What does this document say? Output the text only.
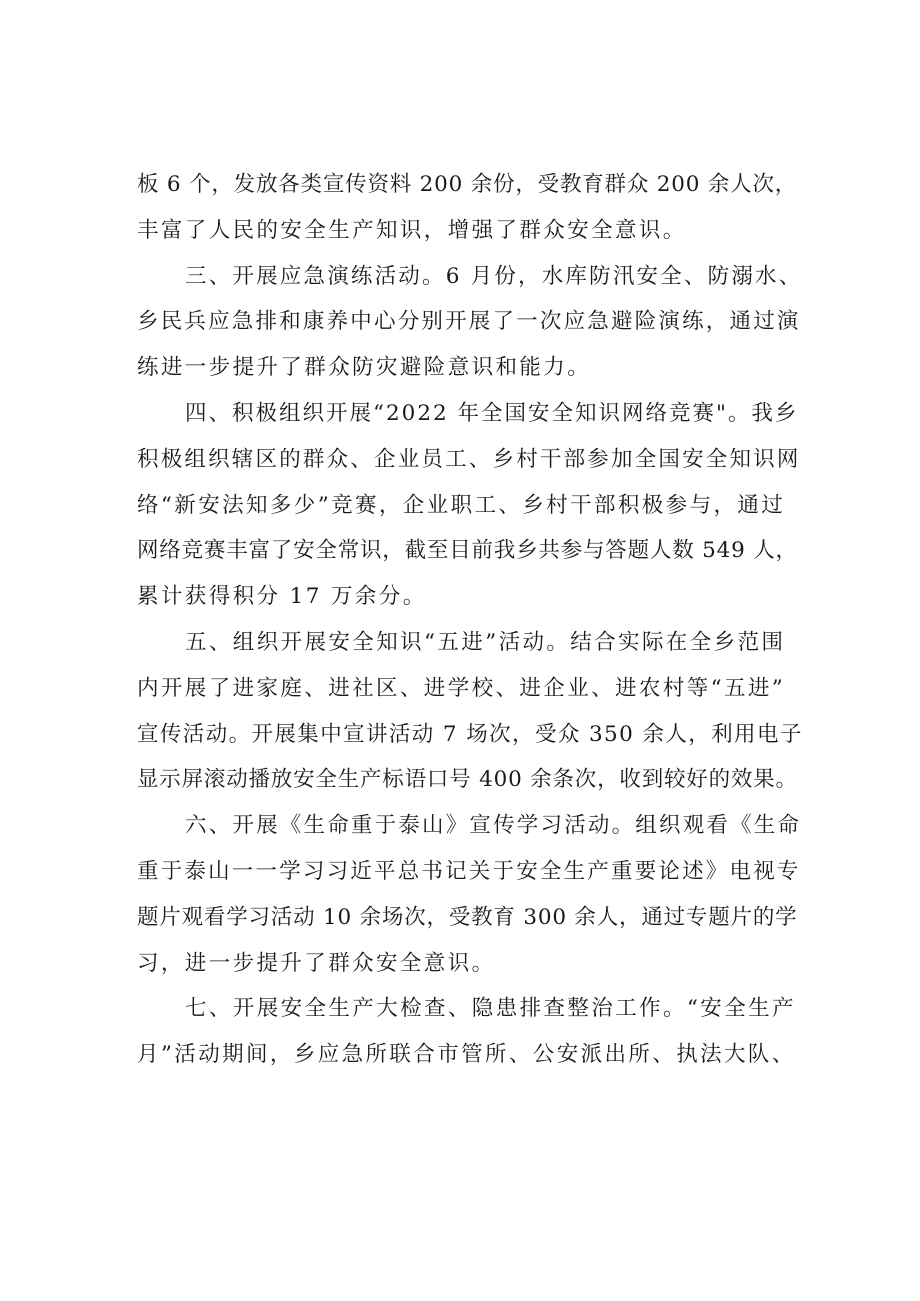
板 6 个，发放各类宣传资料 200 余份，受教育群众 200 余人次，
丰富了人民的安全生产知识，增强了群众安全意识。
三、开展应急演练活动。6 月份，水库防汛安全、防溺水、
乡民兵应急排和康养中心分别开展了一次应急避险演练，通过演
练进一步提升了群众防灾避险意识和能力。
四、积极组织开展“2022 年全国安全知识网络竞赛"。我乡
积极组织辖区的群众、企业员工、乡村干部参加全国安全知识网
络“新安法知多少”竞赛，企业职工、乡村干部积极参与，通过
网络竞赛丰富了安全常识，截至目前我乡共参与答题人数 549 人，
累计获得积分 17 万余分。
五、组织开展安全知识“五进”活动。结合实际在全乡范围
内开展了进家庭、进社区、进学校、进企业、进农村等“五进”
宣传活动。开展集中宣讲活动 7 场次，受众 350 余人，利用电子
显示屏滚动播放安全生产标语口号 400 余条次，收到较好的效果。
六、开展《生命重于泰山》宣传学习活动。组织观看《生命
重于泰山一一学习习近平总书记关于安全生产重要论述》电视专
题片观看学习活动 10 余场次，受教育 300 余人，通过专题片的学
习，进一步提升了群众安全意识。
七、开展安全生产大检查、隐患排查整治工作。“安全生产
月”活动期间，乡应急所联合市管所、公安派出所、执法大队、
